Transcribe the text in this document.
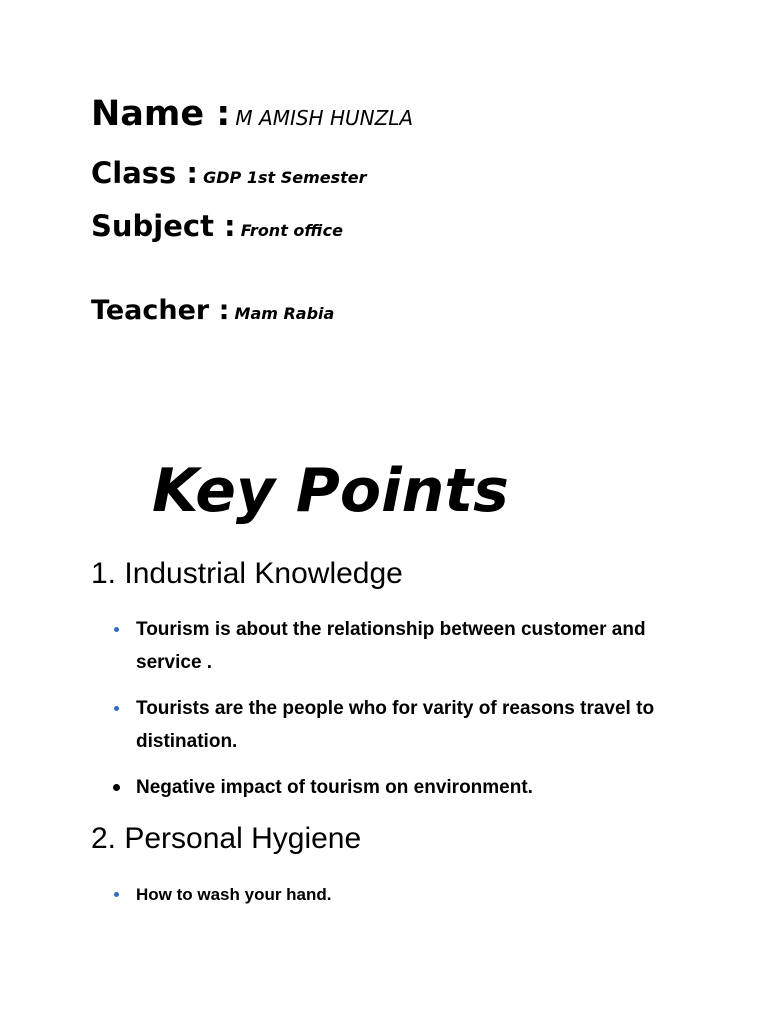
Name : M AMISH HUNZLA
Class : GDP 1st Semester
Subject : Front office
Teacher : Mam Rabia
Key Points
1. Industrial Knowledge
Tourism is about the relationship between customer and service .
Tourists are the people who for varity of reasons travel to distination.
Negative impact of tourism on environment.
2. Personal Hygiene
How to wash your hand.
